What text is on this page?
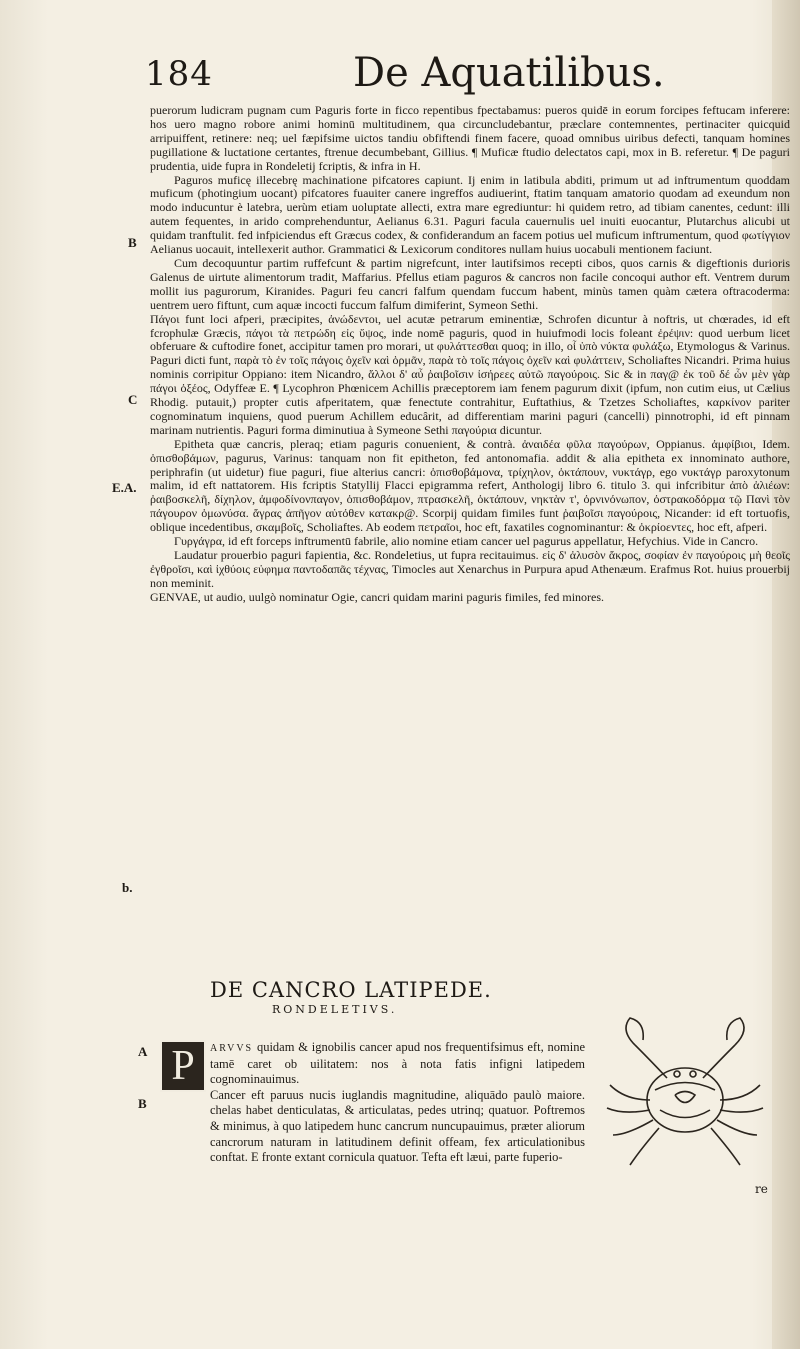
184	De Aquatilibus.
B
C
E.A.
b.

puerorum ludicram pugnam cum Paguris forte in ficco repentibus fpectabamus: pueros quidē in eorum forcipes feftucam inferere: hos uero magno robore animi hominū multitudinem, qua circuncludebantur, præclare contemnentes, pertinaciter quicquid arripuiffent, retinere: neq; uel fæpifsime uictos tandiu obfiftendi finem facere, quoad omnibus uiribus defecti, tanquam homines pugillatione & luctatione certantes, ftrenue decumbebant, Gillius. ¶ Muficæ ftudio delectatos capi, mox in B. referetur. ¶ De paguri prudentia, uide fupra in Rondeletij fcriptis, & infra in H.

Paguros muficę illecebrę machinatione pifcatores capiunt. Ij enim in latibula abditi, primum ut ad inftrumentum quoddam muficum (photingium uocant) pifcatores fuauiter canere ingreffos audiuerint, ftatim tanquam amatorio quodam ad exeundum non modo inducuntur è latebra, uerùm etiam uoluptate allecti, extra mare egrediuntur: hi quidem retro, ad tibiam canentes, cedunt: illi autem fequentes, in arido comprehenduntur, Aelianus 6.31. Paguri facula cauernulis uel inuiti euocantur, Plutarchus alicubi ut quidam tranftulit. fed infpiciendus eft Græcus codex, & confiderandum an facem potius uel muficum inftrumentum, quod φωτίγγιον Aelianus uocauit, intellexerit author. Grammatici & Lexicorum conditores nullam huius uocabuli mentionem faciunt.

Cum decoquuntur partim ruffefcunt & partim nigrefcunt, inter lautifsimos recepti cibos, quos carnis & digeftionis durioris Galenus de uirtute alimentorum tradit, Maffarius. Pfellus etiam paguros & cancros non facile concoqui author eft. Ventrem durum mollit ius pagurorum, Kiranides. Paguri feu cancri falfum quendam fuccum habent, minùs tamen quàm cætera oftracoderma: uentrem uero fiftunt, cum aquæ incocti fuccum falfum dimiferint, Symeon Sethi.

Πάγοι funt loci afperi, præcipites, ἀνώδεντοι, uel acutæ petrarum eminentiæ, Schrofen dicuntur à noftris, ut chœrades, id eft fcrophulæ Græcis, πάγοι τὰ πετρώδη εἰς ὕψος, inde nomē paguris, quod in huiufmodi locis foleant ἐρέψιν: quod uerbum licet obferuare & cuftodire fonet, accipitur tamen pro morari, ut φυλάττεσθαι quoq; in illo, οἷ ὑπὸ νύκτα φυλάξω, Etymologus & Varinus. Paguri dicti funt, παρὰ τὸ ἐν τοῖς πάγοις ὀχεῖν καὶ ὁρμᾶν, παρὰ τὸ τοῖς πάγοις ὀχεῖν καὶ φυλάττειν, Scholiaftes Nicandri. Prima huius nominis corripitur Oppiano: item Nicandro, ἄλλοι δ' αὖ ῥαιβοῖσιν ἰσήρεες αὐτῶ παγούροις. Sic & in παγ@ ἐκ τοῦ δέ ὧν μὲν γὰρ πάγοι ὀξέος, Odyffeæ E. ¶ Lycophron Phœnicem Achillis præceptorem iam fenem pagurum dixit (ipfum, non cutim eius, ut Cælius Rhodig. putauit,) propter cutis afperitatem, quæ fenectute contrahitur, Euftathius, & Tzetzes Scholiaftes, καρκίνον pariter cognominatum inquiens, quod puerum Achillem educârit, ad differentiam marini paguri (cancelli) pinnotrophi, id eft pinnam marinam nutrientis. Paguri forma diminutiua à Symeone Sethi παγούρια dicuntur.

Epitheta quæ cancris, pleraq; etiam paguris conuenient, & contrà. ἀναιδέα φῦλα παγούρων, Oppianus. ἀμφίβιοι, Idem. ὀπισθοβάμων, pagurus, Varinus: tanquam non fit epitheton, fed antonomafia. addit & alia epitheta ex innominato authore, periphrafin (ut uidetur) fiue paguri, fiue alterius cancri: ὀπισθοβάμονα, τρίχηλον, ὀκτάπουν, νυκτάγρ, ego νυκτάγρ paroxytonum malim, id eft nattatorem. His fcriptis Statyllij Flacci epigramma refert, Anthologij libro 6. titulo 3. qui infcribitur ἀπὸ ἁλιέων: ῥαιβοσκελῆ, δίχηλον, ἀμφοδίνονπαγον, ὀπισθοβάμον, πτρασκελῆ, ὀκτάπουν, νηκτὰν τ', ὀρνινόνωπον, ὀστρακοδόρμα τῷ Πανὶ τὸν πάγουρον ὁμωνύσα. ἄγρας ἀπῆγον αὐτόθεν κατακρ@. Scorpij quidam fimiles funt ῥαιβοῖσι παγούροις, Nicander: id eft tortuofis, oblique incedentibus, σκαμβοῖς, Scholiaftes. Ab eodem πετραῖοι, hoc eft, faxatiles cognominantur: & ὀκρίοεντες, hoc eft, afperi.

Γυργάγρα, id eft forceps inftrumentū fabrile, alio nomine etiam cancer uel pagurus appellatur, Hefychius. Vide in Cancro.

Laudatur prouerbio paguri fapientia, &c. Rondeletius, ut fupra recitauimus. εἰς δ' ἀλυσὸν ἄκρος, σοφίαν ἐν παγούροις μὴ θεοῖς ἐγθροῖσι, καὶ ἰχθύοις εὐφημα παντοδαπᾶς τέχνας, Timocles aut Xenarchus in Purpura apud Athenæum. Erafmus Rot. huius prouerbij non meminit.

GENVAE, ut audio, uulgò nominatur Ogie, cancri quidam marini paguris fimiles, fed minores.

DE CANCRO LATIPEDE.
RONDELETIVS.
A
B

ARVVS quidam & ignobilis cancer apud nos frequentifsimus eft, nomine tamē caret ob uilitatem: nos à nota fatis infigni latipedem cognominauimus.

Cancer eft paruus nucis iuglandis magnitudine, aliquādo paulò maiore. chelas habet denticulatas, & articulatas, pedes utrinq; quatuor. Poftremos & minimus, à quo latipedem hunc cancrum nuncupauimus, præter aliorum cancrorum naturam in latitudinem definit offeam, fex articulationibus conftat. E fronte extant cornicula quatuor. Tefta eft læui, parte fuperio-

P
re
